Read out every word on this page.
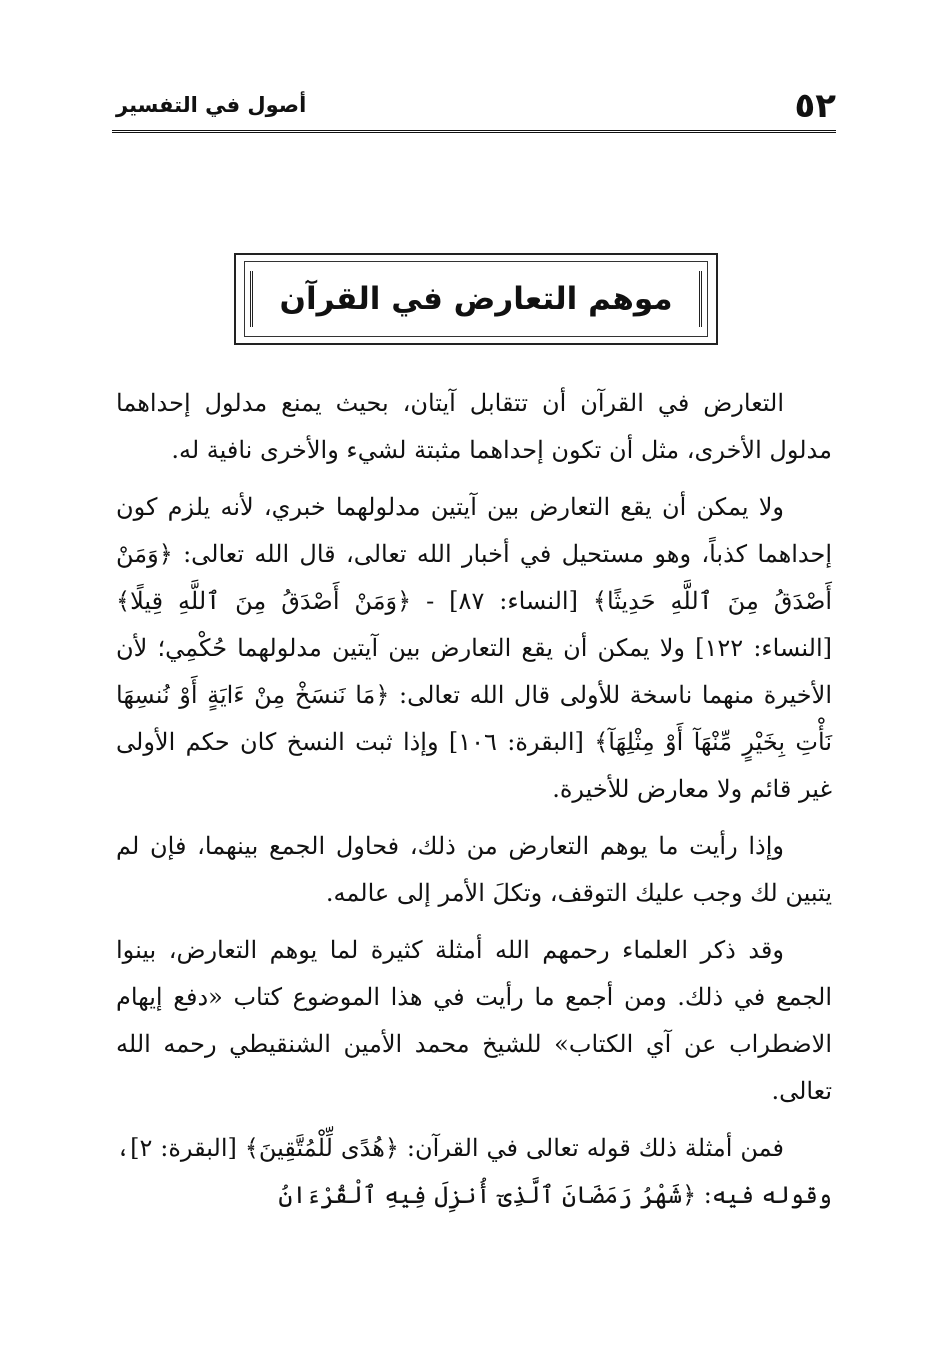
٥٢
أصول في التفسير
موهم التعارض في القرآن

التعارض في القرآن أن تتقابل آيتان، بحيث يمنع مدلول إحداهما مدلول الأخرى، مثل أن تكون إحداهما مثبتة لشيء والأخرى نافية له.

ولا يمكن أن يقع التعارض بين آيتين مدلولهما خبري، لأنه يلزم كون إحداهما كذباً، وهو مستحيل في أخبار الله تعالى، قال الله تعالى: ﴿وَمَنْ أَصْدَقُ مِنَ ٱللَّهِ حَدِيثًا﴾ [النساء: ٨٧] - ﴿وَمَنْ أَصْدَقُ مِنَ ٱللَّهِ قِيلًا﴾ [النساء: ١٢٢] ولا يمكن أن يقع التعارض بين آيتين مدلولهما حُكْمِي؛ لأن الأخيرة منهما ناسخة للأولى قال الله تعالى: ﴿مَا نَنسَخْ مِنْ ءَايَةٍ أَوْ نُنسِهَا نَأْتِ بِخَيْرٍ مِّنْهَآ أَوْ مِثْلِهَآ﴾ [البقرة: ١٠٦] وإذا ثبت النسخ كان حكم الأولى غير قائم ولا معارض للأخيرة.

وإذا رأيت ما يوهم التعارض من ذلك، فحاول الجمع بينهما، فإن لم يتبين لك وجب عليك التوقف، وتكلَ الأمر إلى عالمه.

وقد ذكر العلماء رحمهم الله أمثلة كثيرة لما يوهم التعارض، بينوا الجمع في ذلك. ومن أجمع ما رأيت في هذا الموضوع كتاب «دفع إيهام الاضطراب عن آي الكتاب» للشيخ محمد الأمين الشنقيطي رحمه الله تعالى.

فمن أمثلة ذلك قوله تعالى في القرآن: ﴿هُدًى لِّلْمُتَّقِينَ﴾ [البقرة: ٢]، وقوله فيه: ﴿شَهْرُ رَمَضَانَ ٱلَّذِىٓ أُنزِلَ فِيهِ ٱلْقُرْءَانُ
